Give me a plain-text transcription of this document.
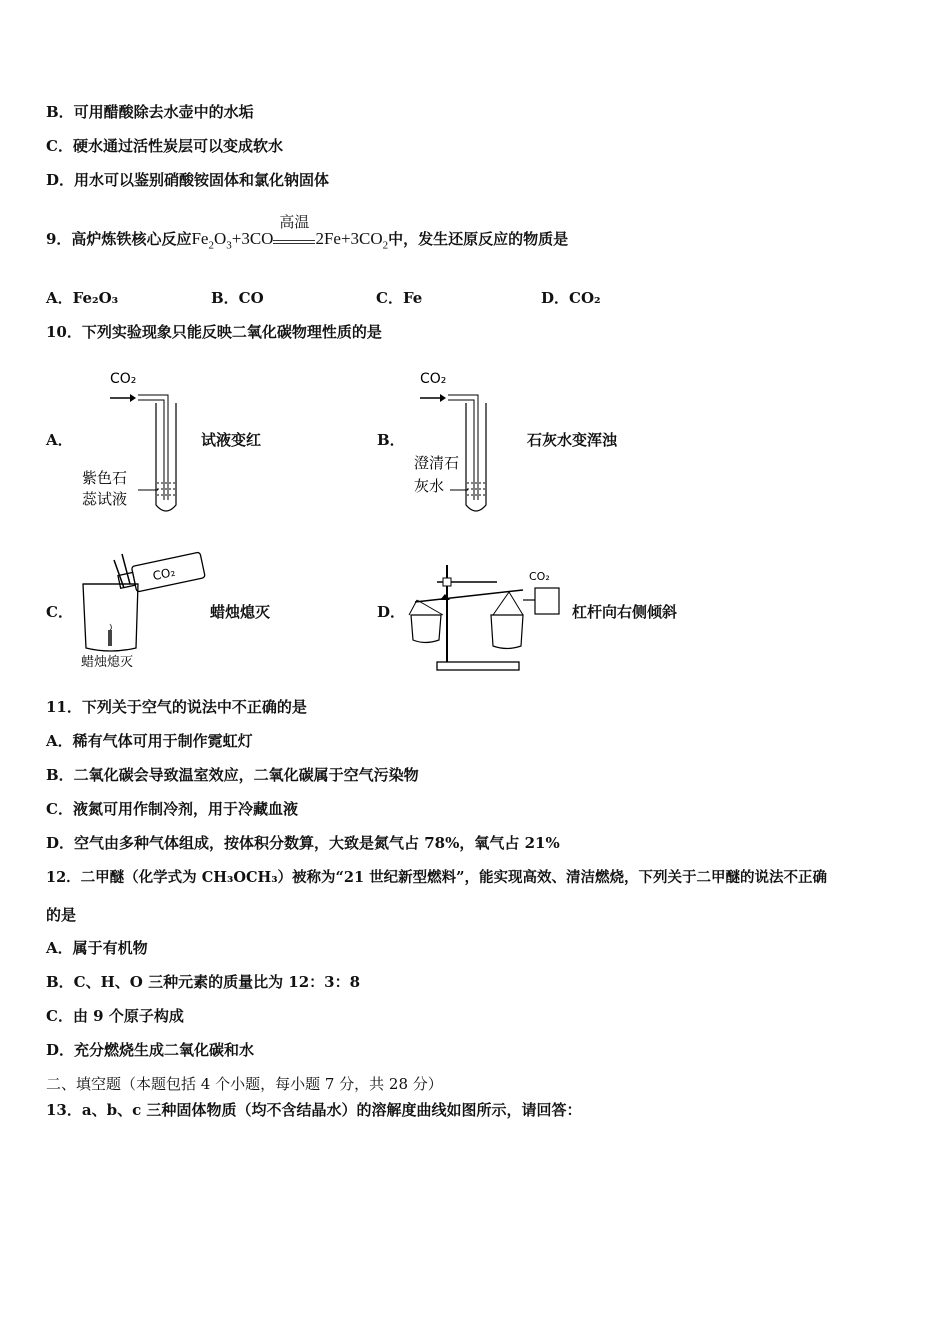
B．可用醋酸除去水壶中的水垢
C．硬水通过活性炭层可以变成软水
D．用水可以鉴别硝酸铵固体和氯化钠固体
9．高炉炼铁核心反应$Fe_2O_3+3CO$
高温
$2Fe+3CO_2$中，发生还原反应的物质是
A．Fe₂O₃	B．CO	C．Fe	D．CO₂
10．下列实验现象只能反映二氧化碳物理性质的是
A．
CO₂
紫色石
蕊试液
试液变红	B．
CO₂
澄清石
灰水
石灰水变浑浊
C．
CO₂
蜡烛熄灭
蜡烛熄灭	D．
CO₂
杠杆向右侧倾斜
11．下列关于空气的说法中不正确的是
A．稀有气体可用于制作霓虹灯
B．二氧化碳会导致温室效应，二氧化碳属于空气污染物
C．液氮可用作制冷剂，用于冷藏血液
D．空气由多种气体组成，按体积分数算，大致是氮气占 78%，氧气占 21%
12．二甲醚（化学式为 CH₃OCH₃）被称为“21 世纪新型燃料”，能实现高效、清洁燃烧，下列关于二甲醚的说法不正确
的是
A．属于有机物
B．C、H、O 三种元素的质量比为 12：3：8
C．由 9 个原子构成
D．充分燃烧生成二氧化碳和水
二、填空题（本题包括 4 个小题，每小题 7 分，共 28 分）
13．a、b、c 三种固体物质（均不含结晶水）的溶解度曲线如图所示，请回答：
